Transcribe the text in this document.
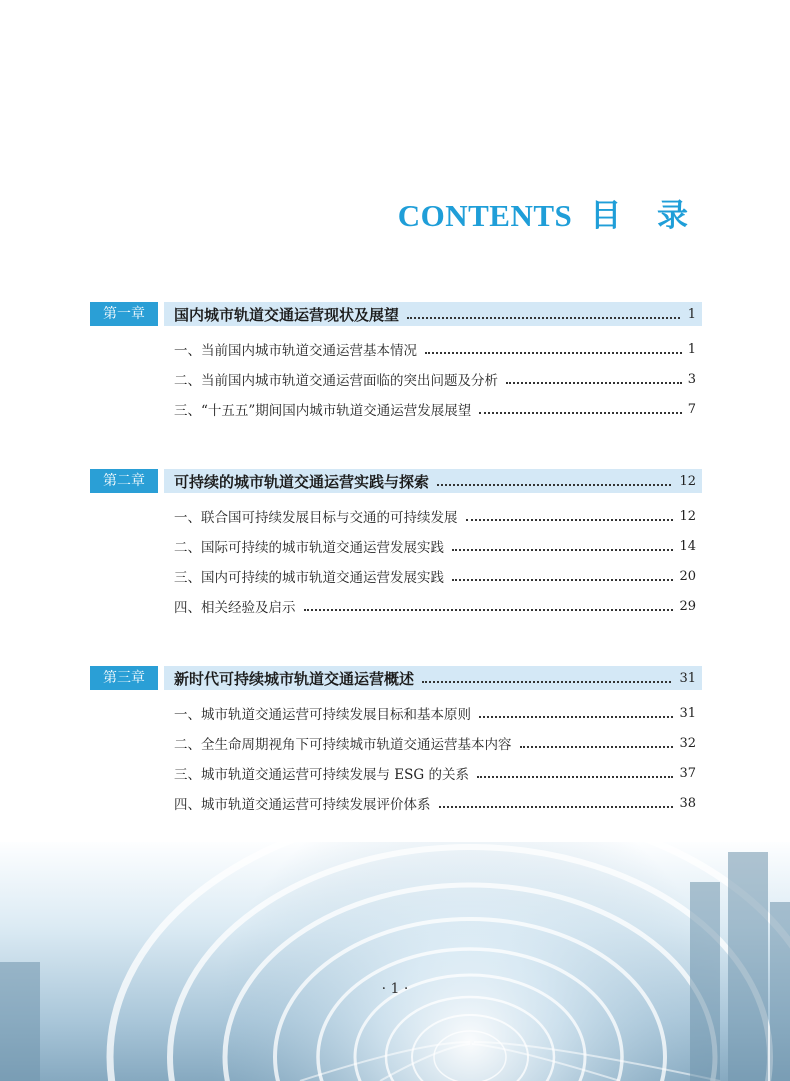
CONTENTS 目 录
第一章	国内城市轨道交通运营现状及展望	1
一、当前国内城市轨道交通运营基本情况	1
二、当前国内城市轨道交通运营面临的突出问题及分析	3
三、“十五五”期间国内城市轨道交通运营发展展望	7
第二章	可持续的城市轨道交通运营实践与探索	12
一、联合国可持续发展目标与交通的可持续发展	12
二、国际可持续的城市轨道交通运营发展实践	14
三、国内可持续的城市轨道交通运营发展实践	20
四、相关经验及启示	29
第三章	新时代可持续城市轨道交通运营概述	31
一、城市轨道交通运营可持续发展目标和基本原则	31
二、全生命周期视角下可持续城市轨道交通运营基本内容	32
三、城市轨道交通运营可持续发展与 ESG 的关系	37
四、城市轨道交通运营可持续发展评价体系	38
· 1 ·
